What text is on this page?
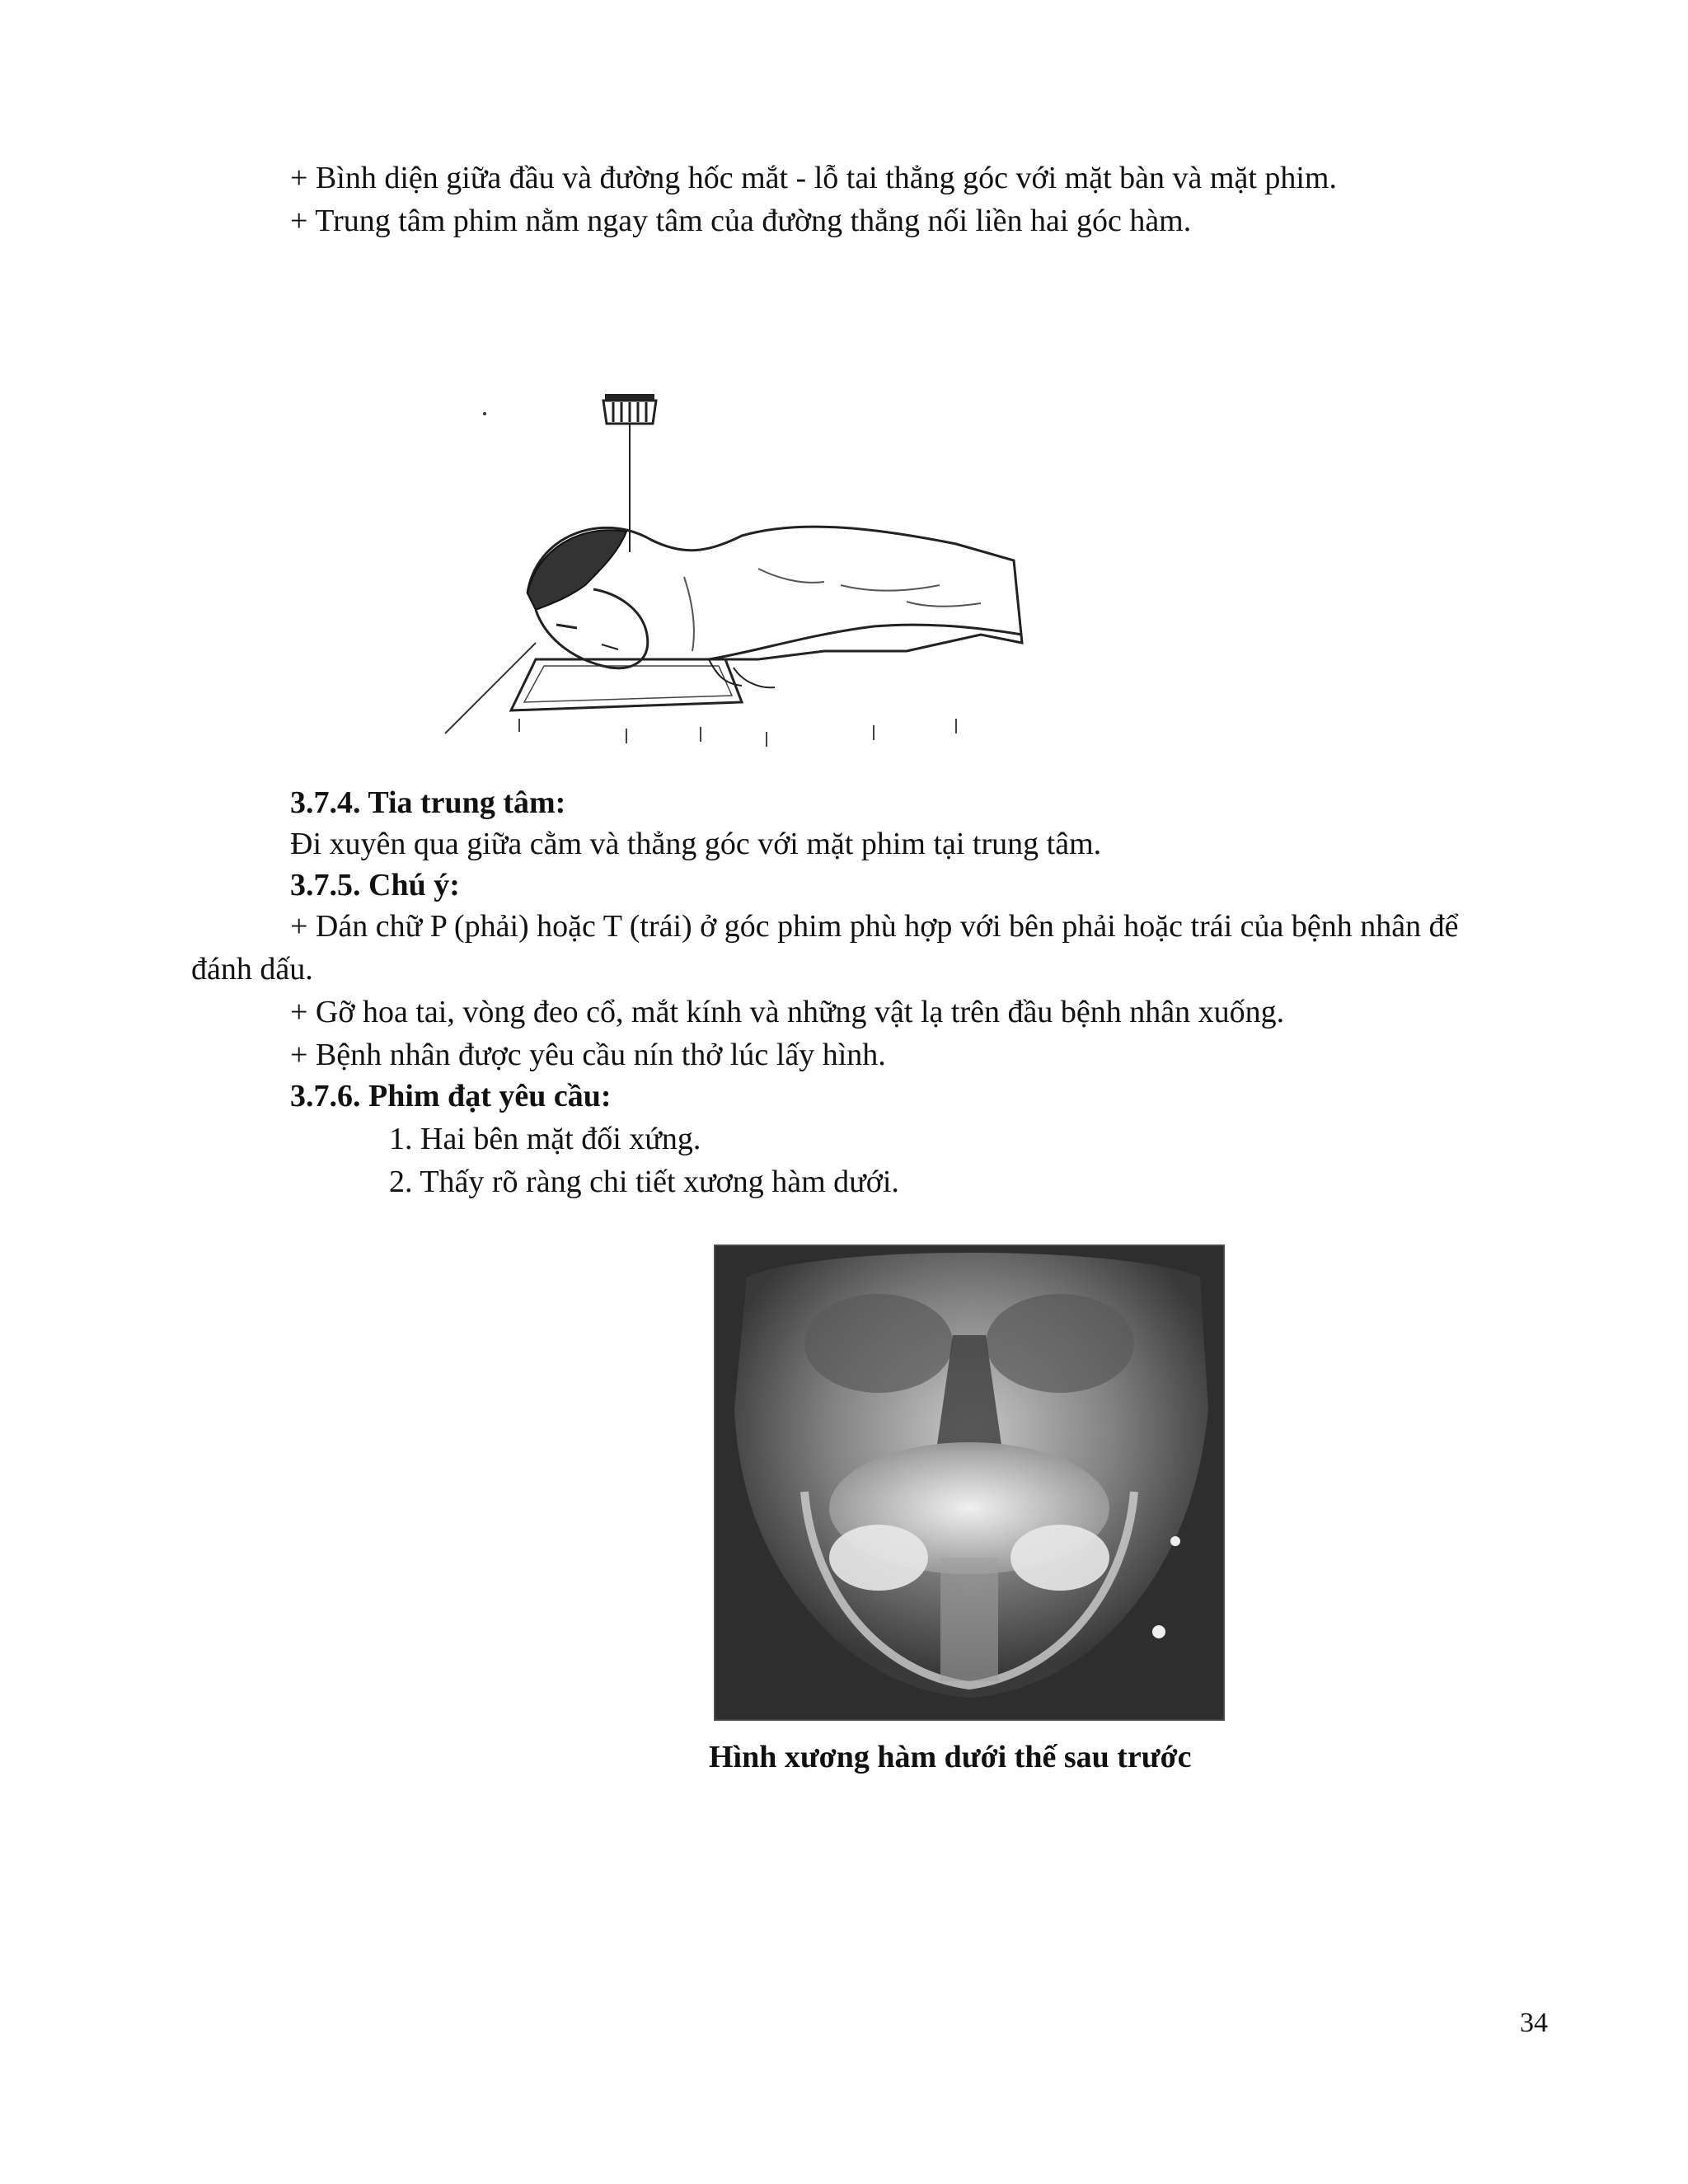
+ Bình diện giữa đầu và đường hốc mắt - lỗ tai thẳng góc với mặt bàn và mặt phim.
+ Trung tâm phim nằm ngay tâm của đường thẳng nối liền hai góc hàm.
3.7.4. Tia trung tâm:
Đi xuyên qua giữa cằm và thẳng góc với mặt phim tại trung tâm.
3.7.5. Chú ý:
+ Dán chữ P (phải) hoặc T (trái) ở góc phim phù hợp với bên phải hoặc trái của bệnh nhân để
đánh dấu.
+ Gỡ hoa tai, vòng đeo cổ, mắt kính và những vật lạ trên đầu bệnh nhân xuống.
+ Bệnh nhân được yêu cầu nín thở lúc lấy hình.
3.7.6. Phim đạt yêu cầu:
1. Hai bên mặt đối xứng.
2. Thấy rõ ràng chi tiết xương hàm dưới.
Hình xương hàm dưới thế sau trước
34
